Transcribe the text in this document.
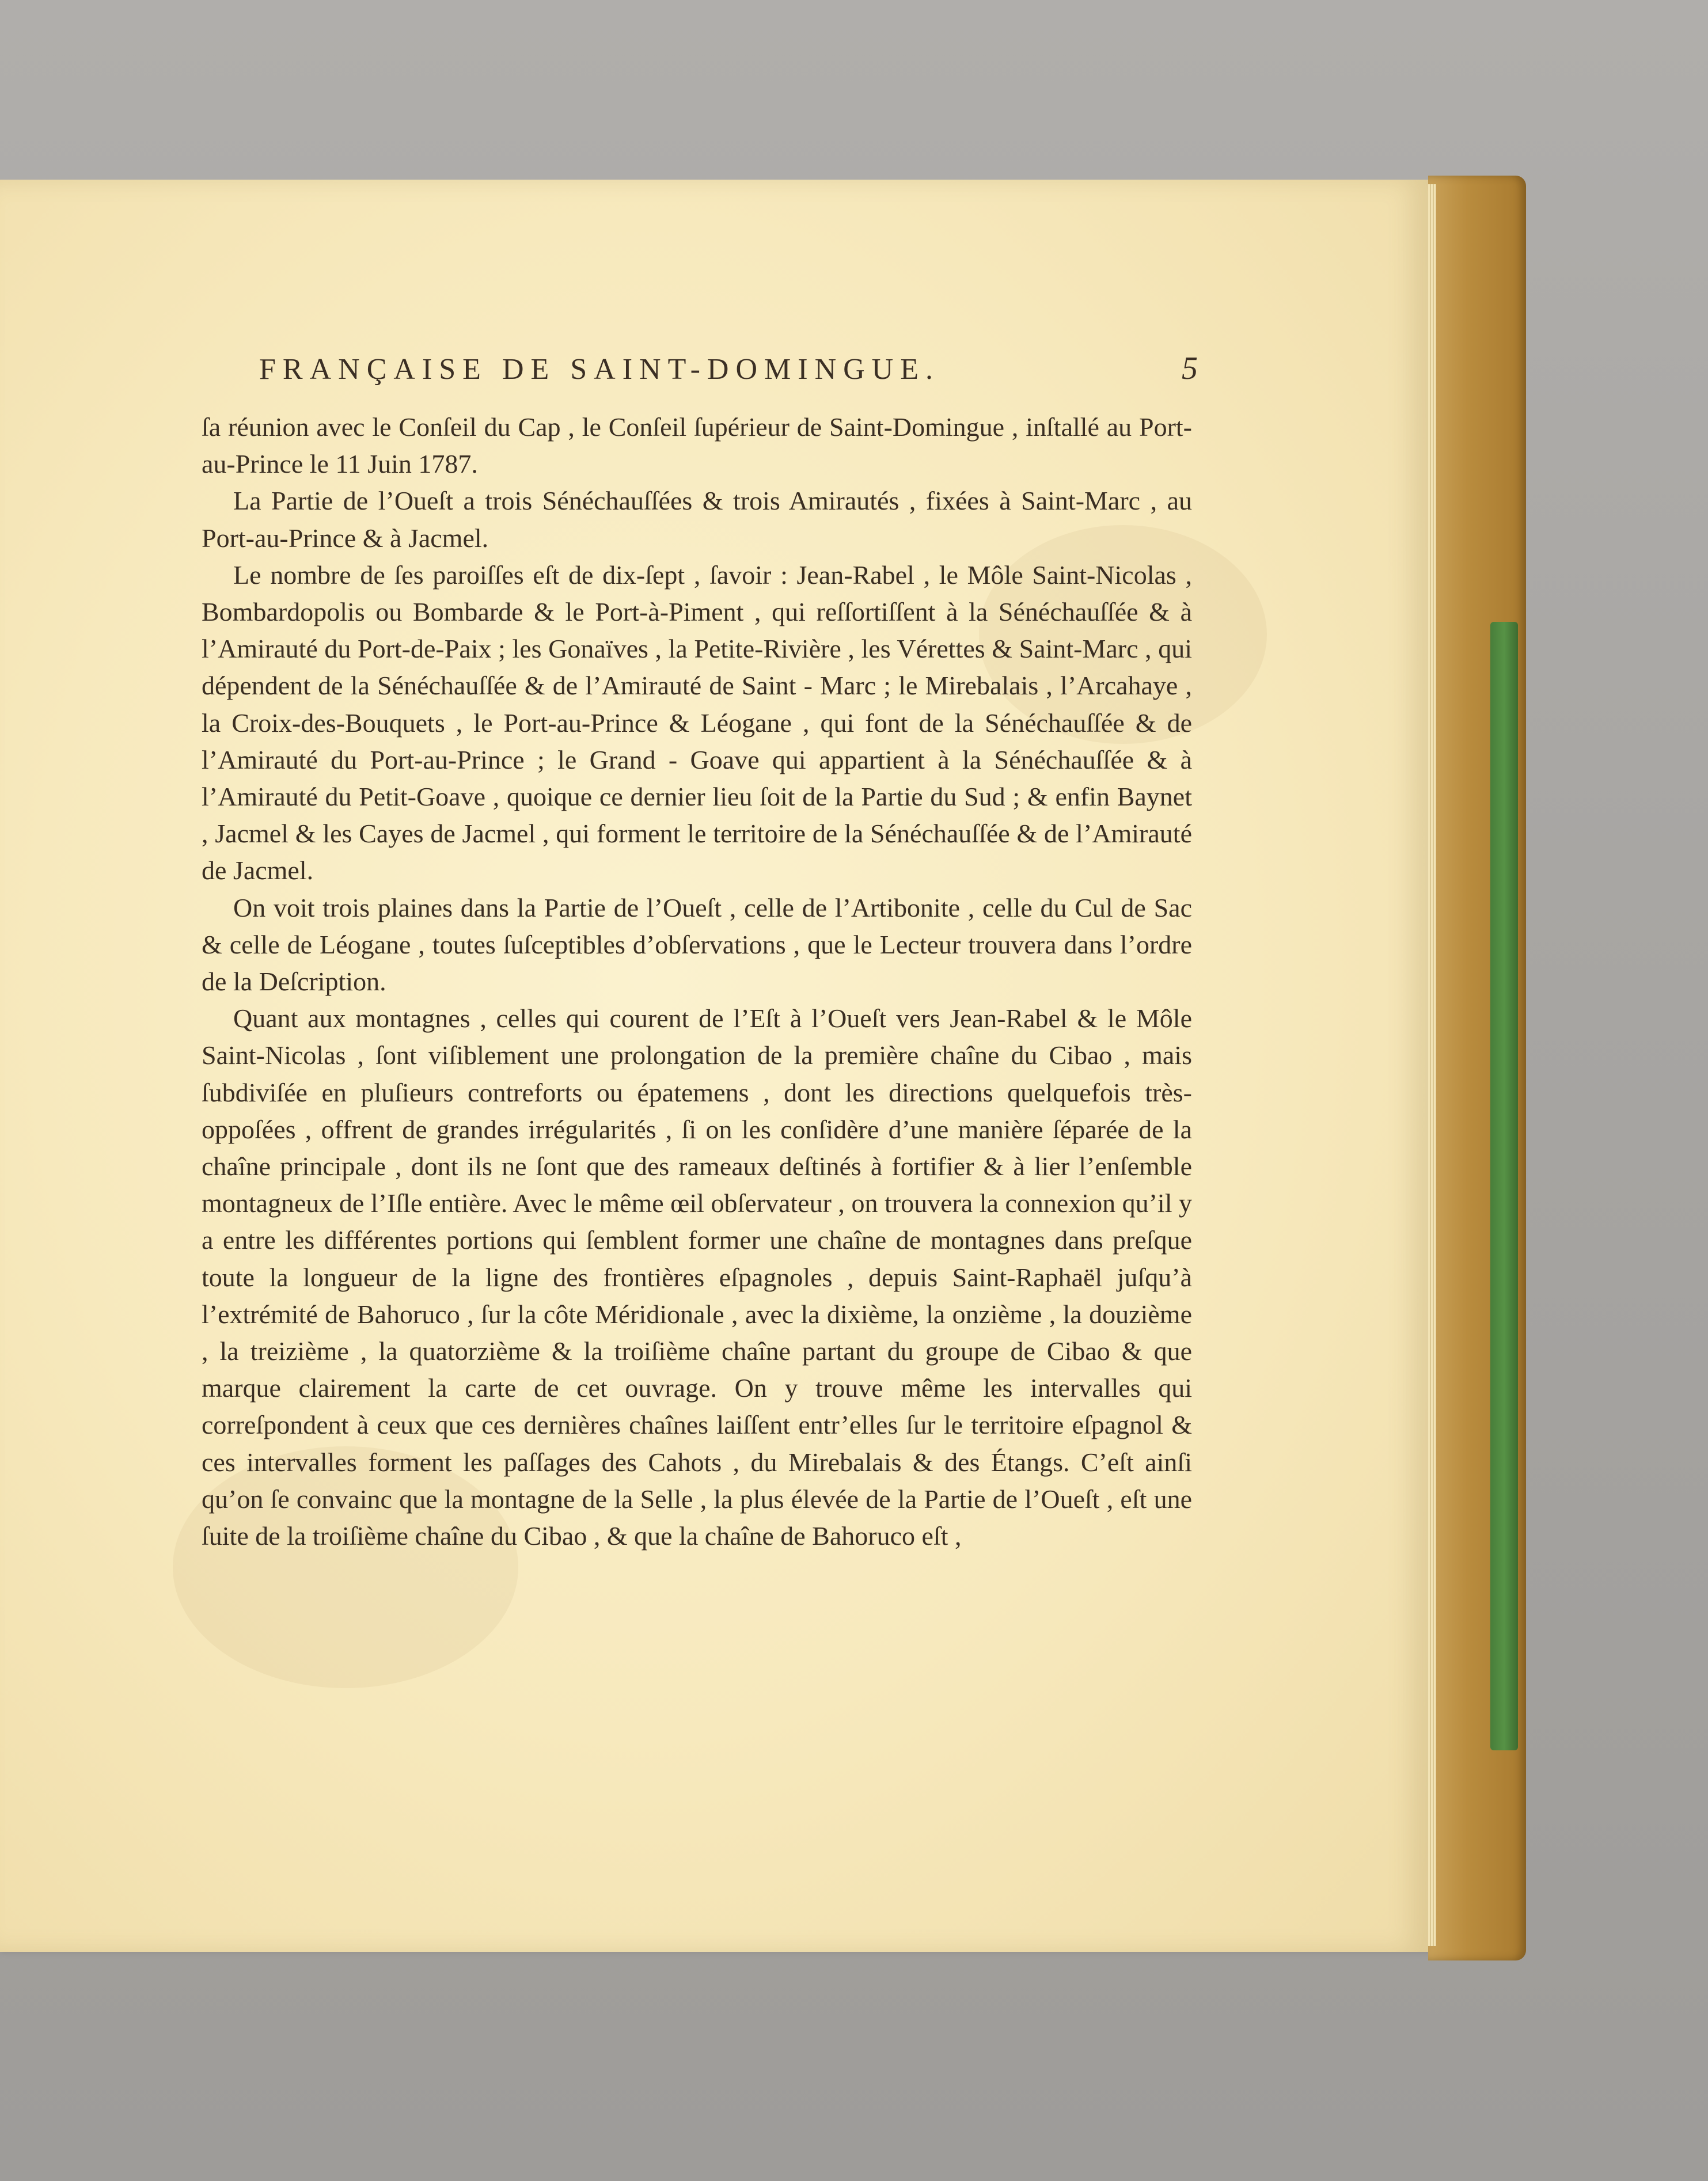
FRANÇAISE DE SAINT-DOMINGUE.	5

ſa réunion avec le Conſeil du Cap , le Conſeil ſupérieur de Saint-Domingue , inſtallé au Port-au-Prince le 11 Juin 1787.

La Partie de l’Oueſt a trois Sénéchauſſées & trois Amirautés , fixées à Saint-Marc , au Port-au-Prince & à Jacmel.

Le nombre de ſes paroiſſes eſt de dix-ſept , ſavoir : Jean-Rabel , le Môle Saint-Nicolas , Bombardopolis ou Bombarde & le Port-à-Piment , qui reſſortiſſent à la Sénéchauſſée & à l’Amirauté du Port-de-Paix ; les Gonaïves , la Petite-Rivière , les Vérettes & Saint-Marc , qui dépendent de la Sénéchauſſée & de l’Amirauté de Saint - Marc ; le Mirebalais , l’Arcahaye , la Croix-des-Bouquets , le Port-au-Prince & Léogane , qui font de la Sénéchauſſée & de l’Amirauté du Port-au-Prince ; le Grand - Goave qui appartient à la Sénéchauſſée & à l’Amirauté du Petit-Goave , quoique ce dernier lieu ſoit de la Partie du Sud ; & enfin Baynet , Jacmel & les Cayes de Jacmel , qui forment le territoire de la Sénéchauſſée & de l’Amirauté de Jacmel.

On voit trois plaines dans la Partie de l’Oueſt , celle de l’Artibonite , celle du Cul de Sac & celle de Léogane , toutes ſuſceptibles d’obſervations , que le Lecteur trouvera dans l’ordre de la Deſcription.

Quant aux montagnes , celles qui courent de l’Eſt à l’Oueſt vers Jean-Rabel & le Môle Saint-Nicolas , ſont viſiblement une prolongation de la première chaîne du Cibao , mais ſubdiviſée en pluſieurs contreforts ou épatemens , dont les directions quelquefois très-oppoſées , offrent de grandes irrégularités , ſi on les conſidère d’une manière ſéparée de la chaîne principale , dont ils ne ſont que des rameaux deſtinés à fortifier & à lier l’enſemble montagneux de l’Iſle entière. Avec le même œil obſervateur , on trouvera la connexion qu’il y a entre les différentes portions qui ſemblent former une chaîne de montagnes dans preſque toute la longueur de la ligne des frontières eſpagnoles , depuis Saint-Raphaël juſqu’à l’extrémité de Bahoruco , ſur la côte Méridionale , avec la dixième, la onzième , la douzième , la treizième , la quatorzième & la troiſième chaîne partant du groupe de Cibao & que marque clairement la carte de cet ouvrage. On y trouve même les intervalles qui correſpondent à ceux que ces dernières chaînes laiſſent entr’elles ſur le territoire eſpagnol & ces intervalles forment les paſſages des Cahots , du Mirebalais & des Étangs. C’eſt ainſi qu’on ſe convainc que la montagne de la Selle , la plus élevée de la Partie de l’Oueſt , eſt une ſuite de la troiſième chaîne du Cibao , & que la chaîne de Bahoruco eſt ,
